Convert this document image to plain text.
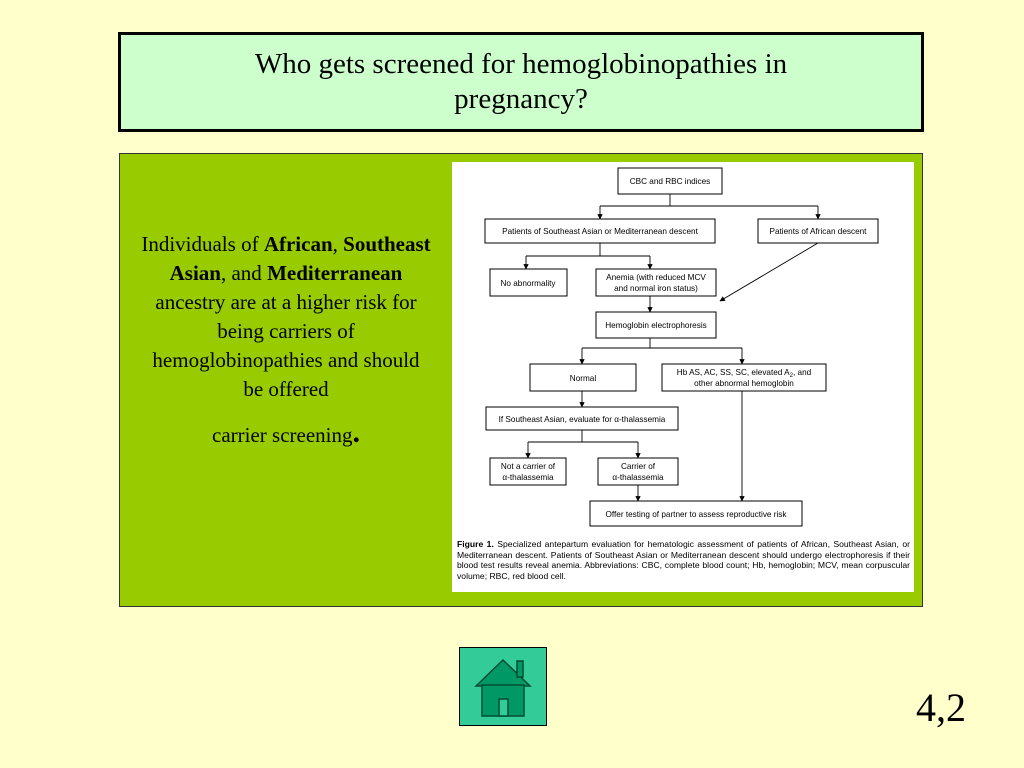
Who gets screened for hemoglobinopathies in pregnancy?
Individuals of African, Southeast Asian, and Mediterranean ancestry are at a higher risk for being carriers of hemoglobinopathies and should be offered
carrier screening.
CBC and RBC indices
Patients of Southeast Asian or Mediterranean descent	Patients of African descent
No abnormality
Anemia (with reduced MCV
and normal iron status)
Hemoglobin electrophoresis
Normal
Hb AS, AC, SS, SC, elevated $A_2$, and
other abnormal hemoglobin
If Southeast Asian, evaluate for α-thalassemia
Not a carrier of
α-thalassemia
Carrier of
α-thalassemia
Offer testing of partner to assess reproductive risk
Figure 1. Specialized antepartum evaluation for hematologic assessment of patients of African, Southeast Asian, or Mediterranean descent. Patients of Southeast Asian or Mediterranean descent should undergo electrophoresis if their blood test results reveal anemia. Abbreviations: CBC, complete blood count; Hb, hemoglobin; MCV, mean corpuscular volume; RBC, red blood cell.
4,2
